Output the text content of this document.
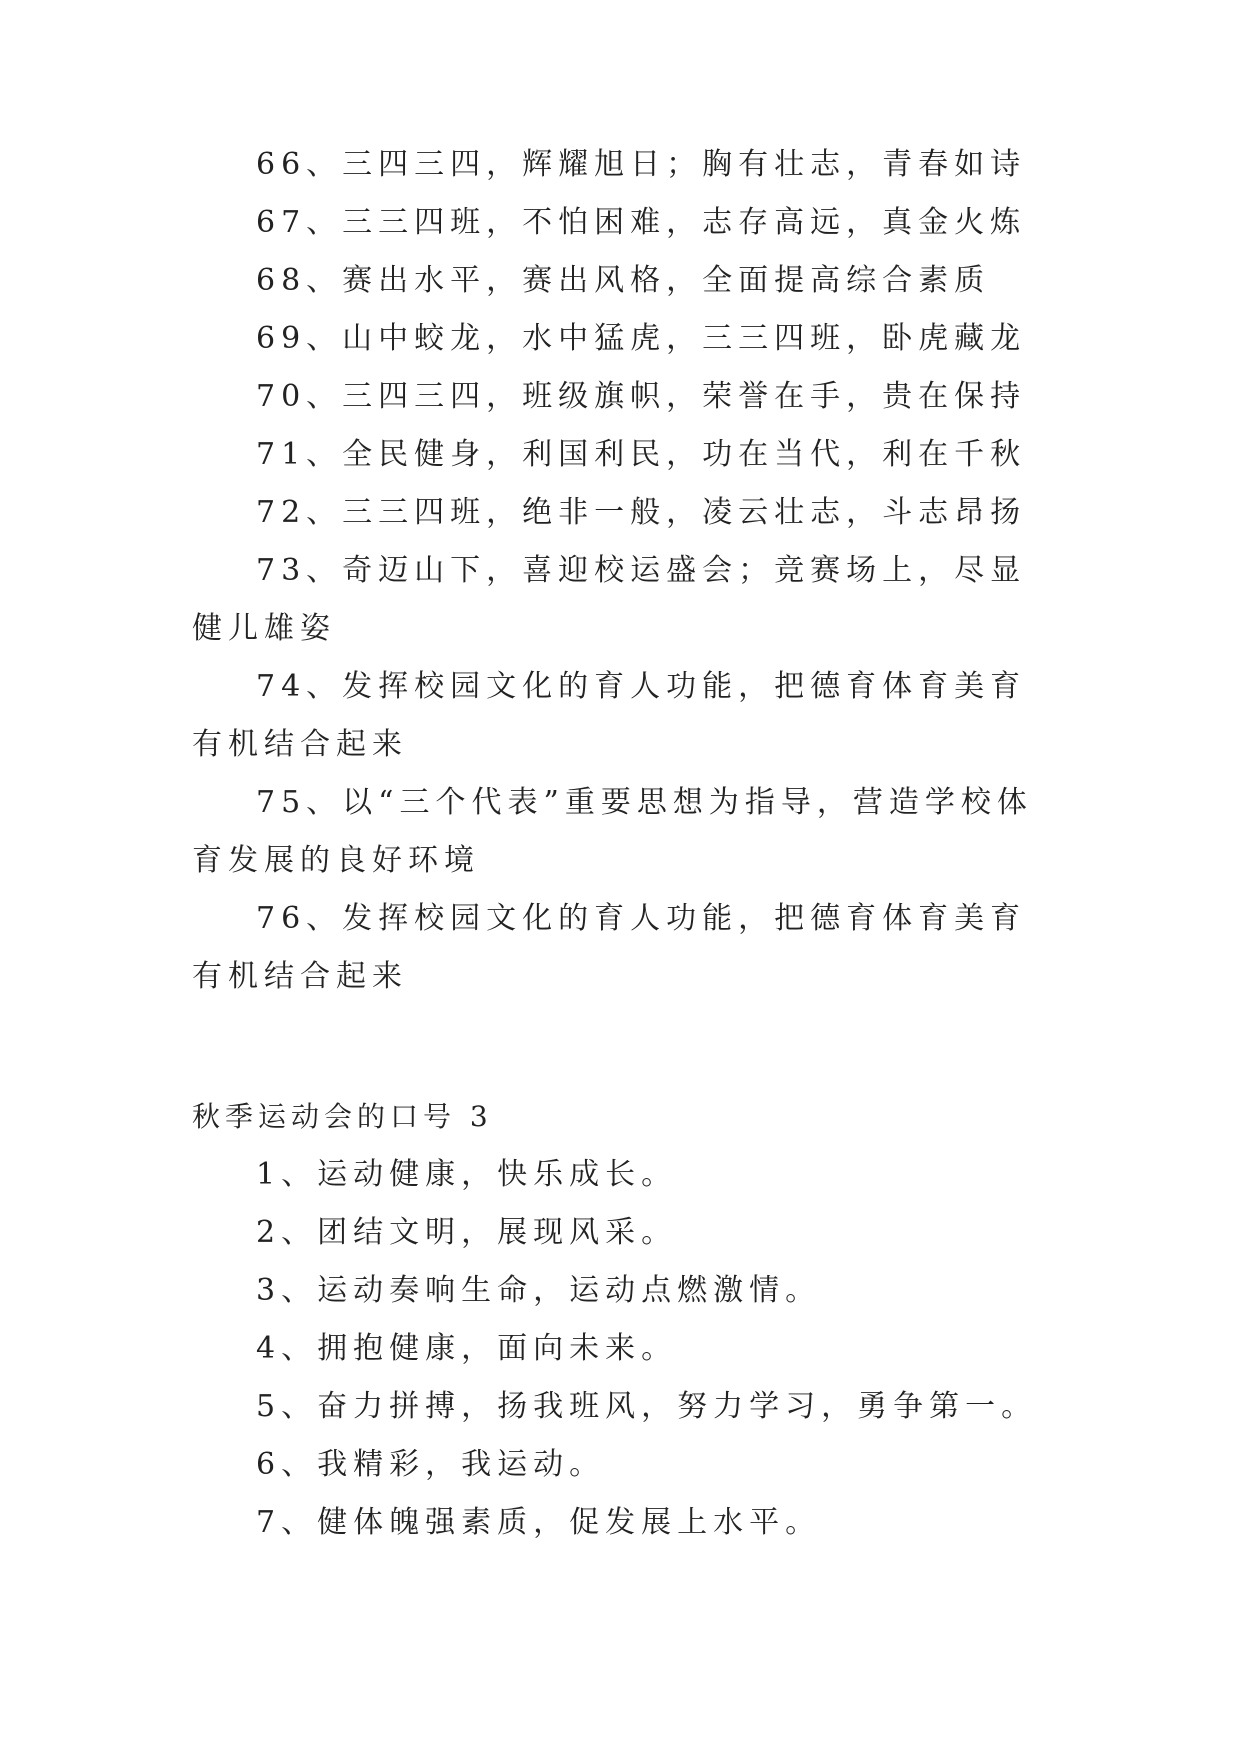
66、三四三四，辉耀旭日；胸有壮志，青春如诗

67、三三四班，不怕困难，志存高远，真金火炼

68、赛出水平，赛出风格，全面提高综合素质

69、山中蛟龙，水中猛虎，三三四班，卧虎藏龙

70、三四三四，班级旗帜，荣誉在手，贵在保持

71、全民健身，利国利民，功在当代，利在千秋

72、三三四班，绝非一般，凌云壮志，斗志昂扬

73、奇迈山下，喜迎校运盛会；竞赛场上，尽显健儿雄姿

74、发挥校园文化的育人功能，把德育体育美育有机结合起来

75、以“三个代表”重要思想为指导，营造学校体育发展的良好环境

76、发挥校园文化的育人功能，把德育体育美育有机结合起来

秋季运动会的口号 3

1、运动健康，快乐成长。

2、团结文明，展现风采。

3、运动奏响生命，运动点燃激情。

4、拥抱健康，面向未来。

5、奋力拼搏，扬我班风，努力学习，勇争第一。

6、我精彩，我运动。

7、健体魄强素质，促发展上水平。
